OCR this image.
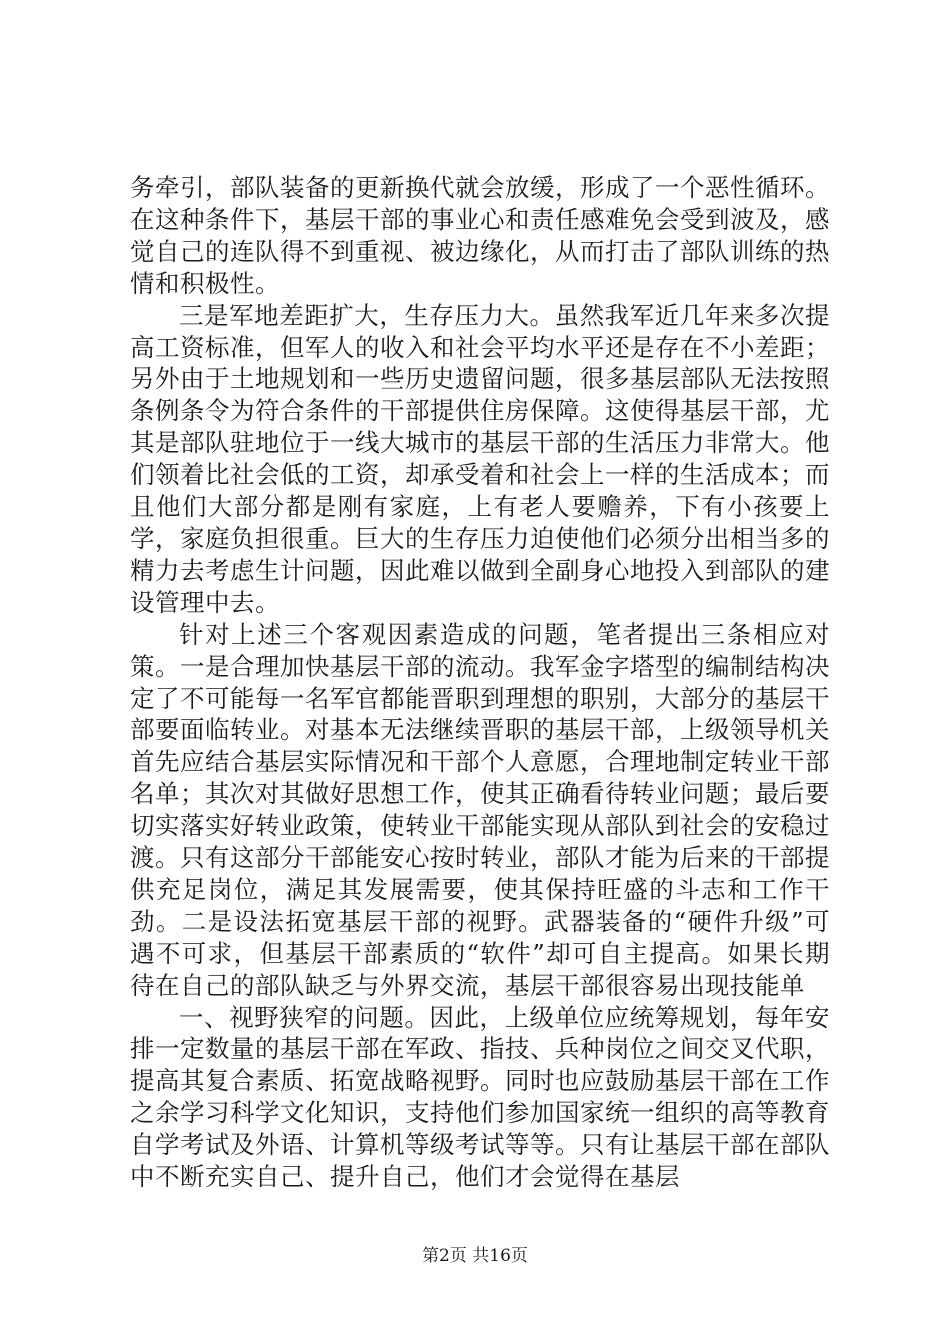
务牵引，部队装备的更新换代就会放缓，形成了一个恶性循环。在这种条件下，基层干部的事业心和责任感难免会受到波及，感觉自己的连队得不到重视、被边缘化，从而打击了部队训练的热情和积极性。

三是军地差距扩大，生存压力大。虽然我军近几年来多次提高工资标准，但军人的收入和社会平均水平还是存在不小差距；另外由于土地规划和一些历史遗留问题，很多基层部队无法按照条例条令为符合条件的干部提供住房保障。这使得基层干部，尤其是部队驻地位于一线大城市的基层干部的生活压力非常大。他们领着比社会低的工资，却承受着和社会上一样的生活成本；而且他们大部分都是刚有家庭，上有老人要赡养，下有小孩要上学，家庭负担很重。巨大的生存压力迫使他们必须分出相当多的精力去考虑生计问题，因此难以做到全副身心地投入到部队的建设管理中去。

针对上述三个客观因素造成的问题，笔者提出三条相应对策。一是合理加快基层干部的流动。我军金字塔型的编制结构决定了不可能每一名军官都能晋职到理想的职别，大部分的基层干部要面临转业。对基本无法继续晋职的基层干部，上级领导机关首先应结合基层实际情况和干部个人意愿，合理地制定转业干部名单；其次对其做好思想工作，使其正确看待转业问题；最后要切实落实好转业政策，使转业干部能实现从部队到社会的安稳过渡。只有这部分干部能安心按时转业，部队才能为后来的干部提供充足岗位，满足其发展需要，使其保持旺盛的斗志和工作干劲。二是设法拓宽基层干部的视野。武器装备的“硬件升级”可遇不可求，但基层干部素质的“软件”却可自主提高。如果长期待在自己的部队缺乏与外界交流，基层干部很容易出现技能单

一、视野狭窄的问题。因此，上级单位应统筹规划，每年安排一定数量的基层干部在军政、指技、兵种岗位之间交叉代职，提高其复合素质、拓宽战略视野。同时也应鼓励基层干部在工作之余学习科学文化知识，支持他们参加国家统一组织的高等教育自学考试及外语、计算机等级考试等等。只有让基层干部在部队中不断充实自己、提升自己，他们才会觉得在基层

第2页 共16页
